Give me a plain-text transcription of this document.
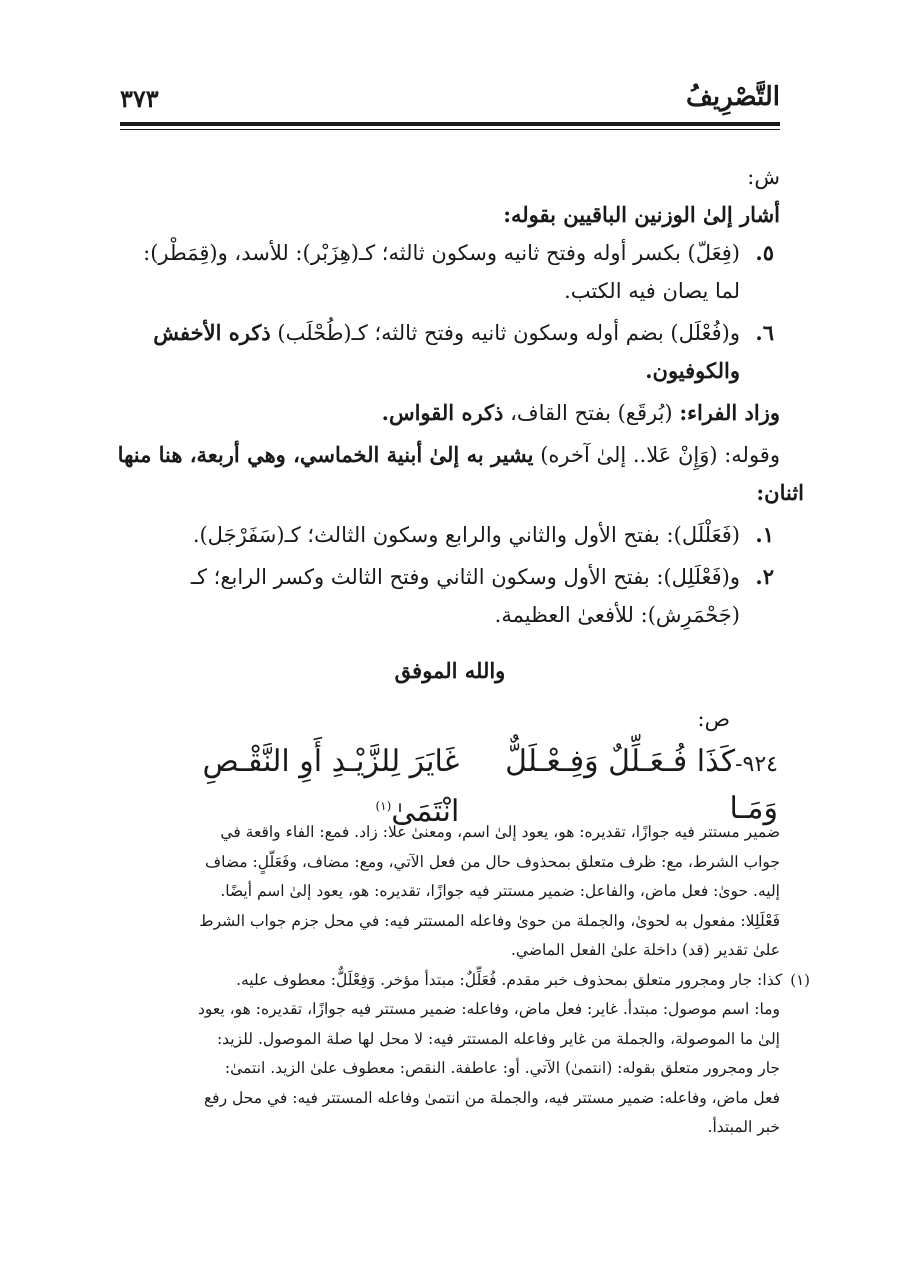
التَّصْرِيفُ
٣٧٣

ش:

أشار إلىٰ الوزنين الباقيين بقوله:

٥.
(فِعَلّ) بكسر أوله وفتح ثانيه وسكون ثالثه؛ كـ(هِزَبْر): للأسد، و(قِمَطْر):
لما يصان فيه الكتب.
٦.
و(فُعْلَل) بضم أوله وسكون ثانيه وفتح ثالثه؛ كـ(طُحْلَب) ذكره الأخفش
والكوفيون.

وزاد الفراء: (بُرقَع) بفتح القاف، ذكره القواس.

وقوله: (وَإِنْ عَلا.. إلىٰ آخره) يشير به إلىٰ أبنية الخماسي، وهي أربعة، هنا منها

اثنان:

١.
(فَعَلْلَل): بفتح الأول والثاني والرابع وسكون الثالث؛ كـ(سَفَرْجَل).
٢.
و(فَعْلَلِل): بفتح الأول وسكون الثاني وفتح الثالث وكسر الرابع؛ كـ
(جَحْمَرِش): للأفعىٰ العظيمة.

والله الموفق

ص:

٩٢٤-كَذَا فُـعَـلِّلٌ وَفِـعْـلَلٌّ وَمَـا
غَايَرَ لِلزَّيْـدِ أَوِ النَّقْـصِ انْتَمَىٰ$^{(١)}$

ضمير مستتر فيه جوازًا، تقديره: هو، يعود إلىٰ اسم، ومعنىٰ علا: زاد. فمع: الفاء واقعة في

جواب الشرط، مع: ظرف متعلق بمحذوف حال من فعل الآتي، ومع: مضاف، وفَعَلّلٍ: مضاف

إليه. حوىٰ: فعل ماض، والفاعل: ضمير مستتر فيه جوازًا، تقديره: هو، يعود إلىٰ اسم أيضًا.

فَعْلَلِلا: مفعول به لحوىٰ، والجملة من حوىٰ وفاعله المستتر فيه: في محل جزم جواب الشرط

علىٰ تقدير (قد) داخلة علىٰ الفعل الماضي.

(١)كذا: جار ومجرور متعلق بمحذوف خبر مقدم. فُعَلِّلٌ: مبتدأ مؤخر. وَفِعْلَلٌّ: معطوف عليه.

وما: اسم موصول: مبتدأ. غاير: فعل ماض، وفاعله: ضمير مستتر فيه جوازًا، تقديره: هو، يعود

إلىٰ ما الموصولة، والجملة من غاير وفاعله المستتر فيه: لا محل لها صلة الموصول. للزيد:

جار ومجرور متعلق بقوله: (انتمىٰ) الآتي. أو: عاطفة. النقص: معطوف علىٰ الزيد. انتمىٰ:

فعل ماض، وفاعله: ضمير مستتر فيه، والجملة من انتمىٰ وفاعله المستتر فيه: في محل رفع

خبر المبتدأ.
